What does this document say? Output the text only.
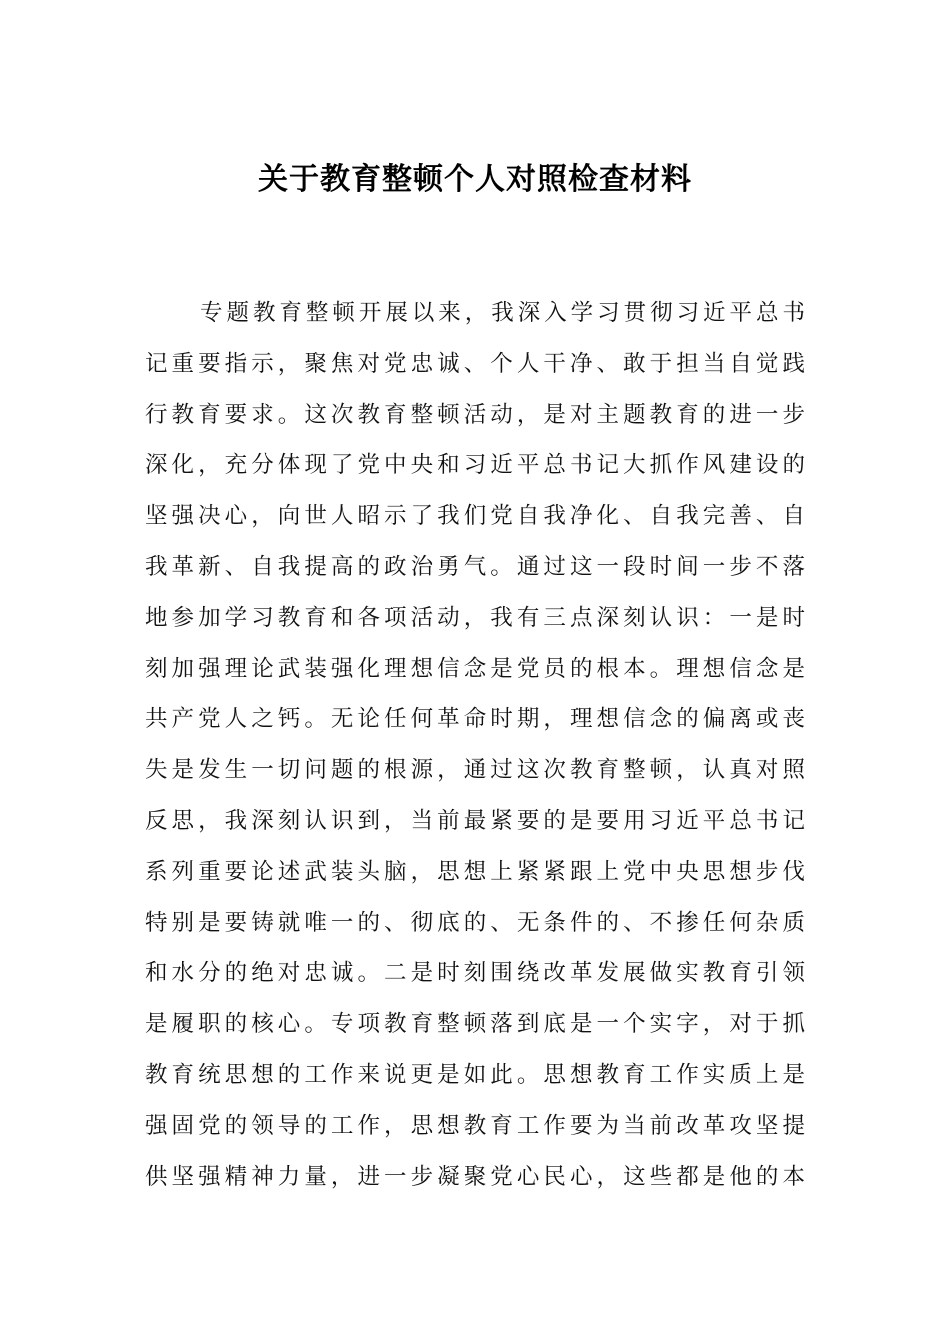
关于教育整顿个人对照检查材料
专题教育整顿开展以来，我深入学习贯彻习近平总书
记重要指示，聚焦对党忠诚、个人干净、敢于担当自觉践
行教育要求。这次教育整顿活动，是对主题教育的进一步
深化，充分体现了党中央和习近平总书记大抓作风建设的
坚强决心，向世人昭示了我们党自我净化、自我完善、自
我革新、自我提高的政治勇气。通过这一段时间一步不落
地参加学习教育和各项活动，我有三点深刻认识：一是时
刻加强理论武装强化理想信念是党员的根本。理想信念是
共产党人之钙。无论任何革命时期，理想信念的偏离或丧
失是发生一切问题的根源，通过这次教育整顿，认真对照
反思，我深刻认识到，当前最紧要的是要用习近平总书记
系列重要论述武装头脑，思想上紧紧跟上党中央思想步伐
特别是要铸就唯一的、彻底的、无条件的、不掺任何杂质
和水分的绝对忠诚。二是时刻围绕改革发展做实教育引领
是履职的核心。专项教育整顿落到底是一个实字，对于抓
教育统思想的工作来说更是如此。思想教育工作实质上是
强固党的领导的工作，思想教育工作要为当前改革攻坚提
供坚强精神力量，进一步凝聚党心民心，这些都是他的本
